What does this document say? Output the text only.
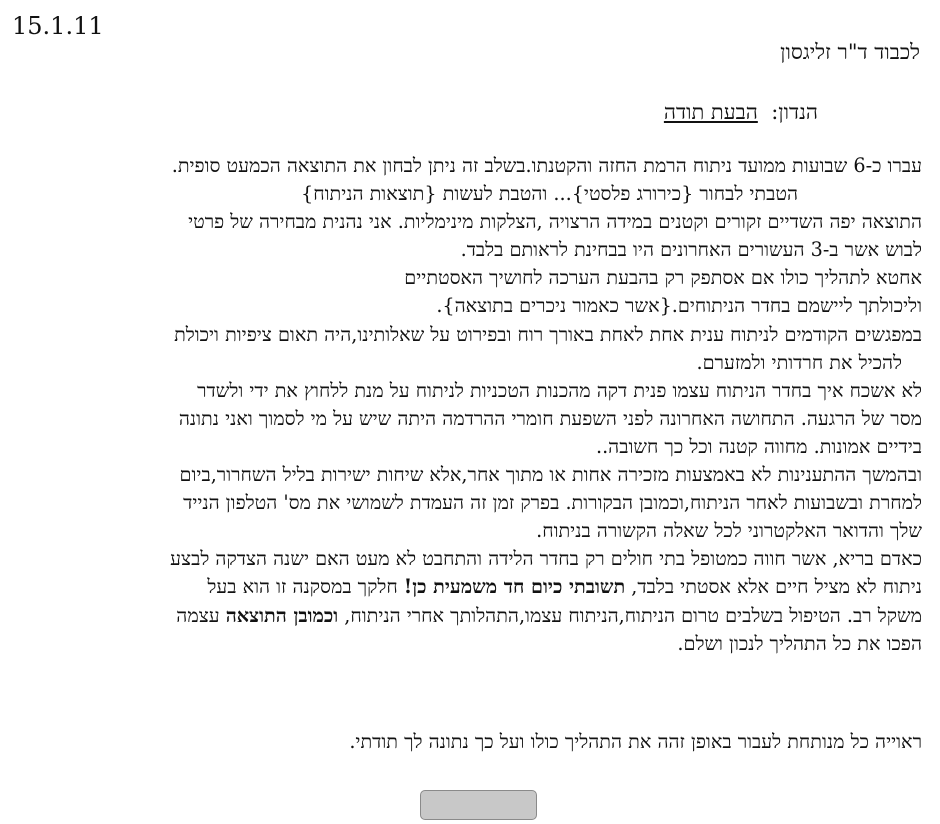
15.1.11
לכבוד ד"ר זליגסון
הנדון:  הבעת תודה
עברו כ-6 שבועות ממועד ניתוח הרמת החזה והקטנתו.בשלב זה ניתן לבחון את התוצאה הכמעט סופית.
הטבתי לבחור {כירורג פלסטי}... והטבת לעשות {תוצאות הניתוח}
התוצאה יפה השדיים זקורים וקטנים במידה הרצויה ,הצלקות מינימליות. אני נהנית מבחירה של פרטי
לבוש אשר ב-3 העשורים האחרונים היו בבחינת לראותם בלבד.
אחטא לתהליך כולו אם אסתפק רק בהבעת הערכה לחושיך האסטתיים
וליכולתך ליישמם בחדר הניתוחים.{אשר כאמור ניכרים בתוצאה}.
במפגשים הקודמים לניתוח ענית אחת לאחת באורך רוח ובפירוט על שאלותינו,היה תאום ציפיות ויכולת
להכיל את חרדותי ולמזערם.
לא אשכח איך בחדר הניתוח עצמו פנית דקה מהכנות הטכניות לניתוח על מנת ללחוץ את ידי ולשדר
מסר של הרגעה. התחושה האחרונה לפני השפעת חומרי ההרדמה היתה שיש על מי לסמוך ואני נתונה
בידיים אמונות. מחווה קטנה וכל כך חשובה..
ובהמשך ההתענינות לא באמצעות מזכירה אחות או מתוך אחר,אלא שיחות ישירות בליל השחרור,ביום
למחרת ובשבועות לאחר הניתוח,וכמובן הבקורות. בפרק זמן זה העמדת לשמושי את מס' הטלפון הנייד
שלך והדואר האלקטרוני לכל שאלה הקשורה בניתוח.
כאדם בריא, אשר חווה כמטופל בתי חולים רק בחדר הלידה והתחבט לא מעט האם ישנה הצדקה לבצע
ניתוח לא מציל חיים אלא אסטתי בלבד, תשובתי כיום חד משמעית כן! חלקך במסקנה זו הוא בעל
משקל רב. הטיפול בשלבים טרום הניתוח,הניתוח עצמו,התהלותך אחרי הניתוח, וכמובן התוצאה עצמה
הפכו את כל התהליך לנכון ושלם.
ראוייה כל מנותחת לעבור באופן זהה את התהליך כולו ועל כך נתונה לך תודתי.
